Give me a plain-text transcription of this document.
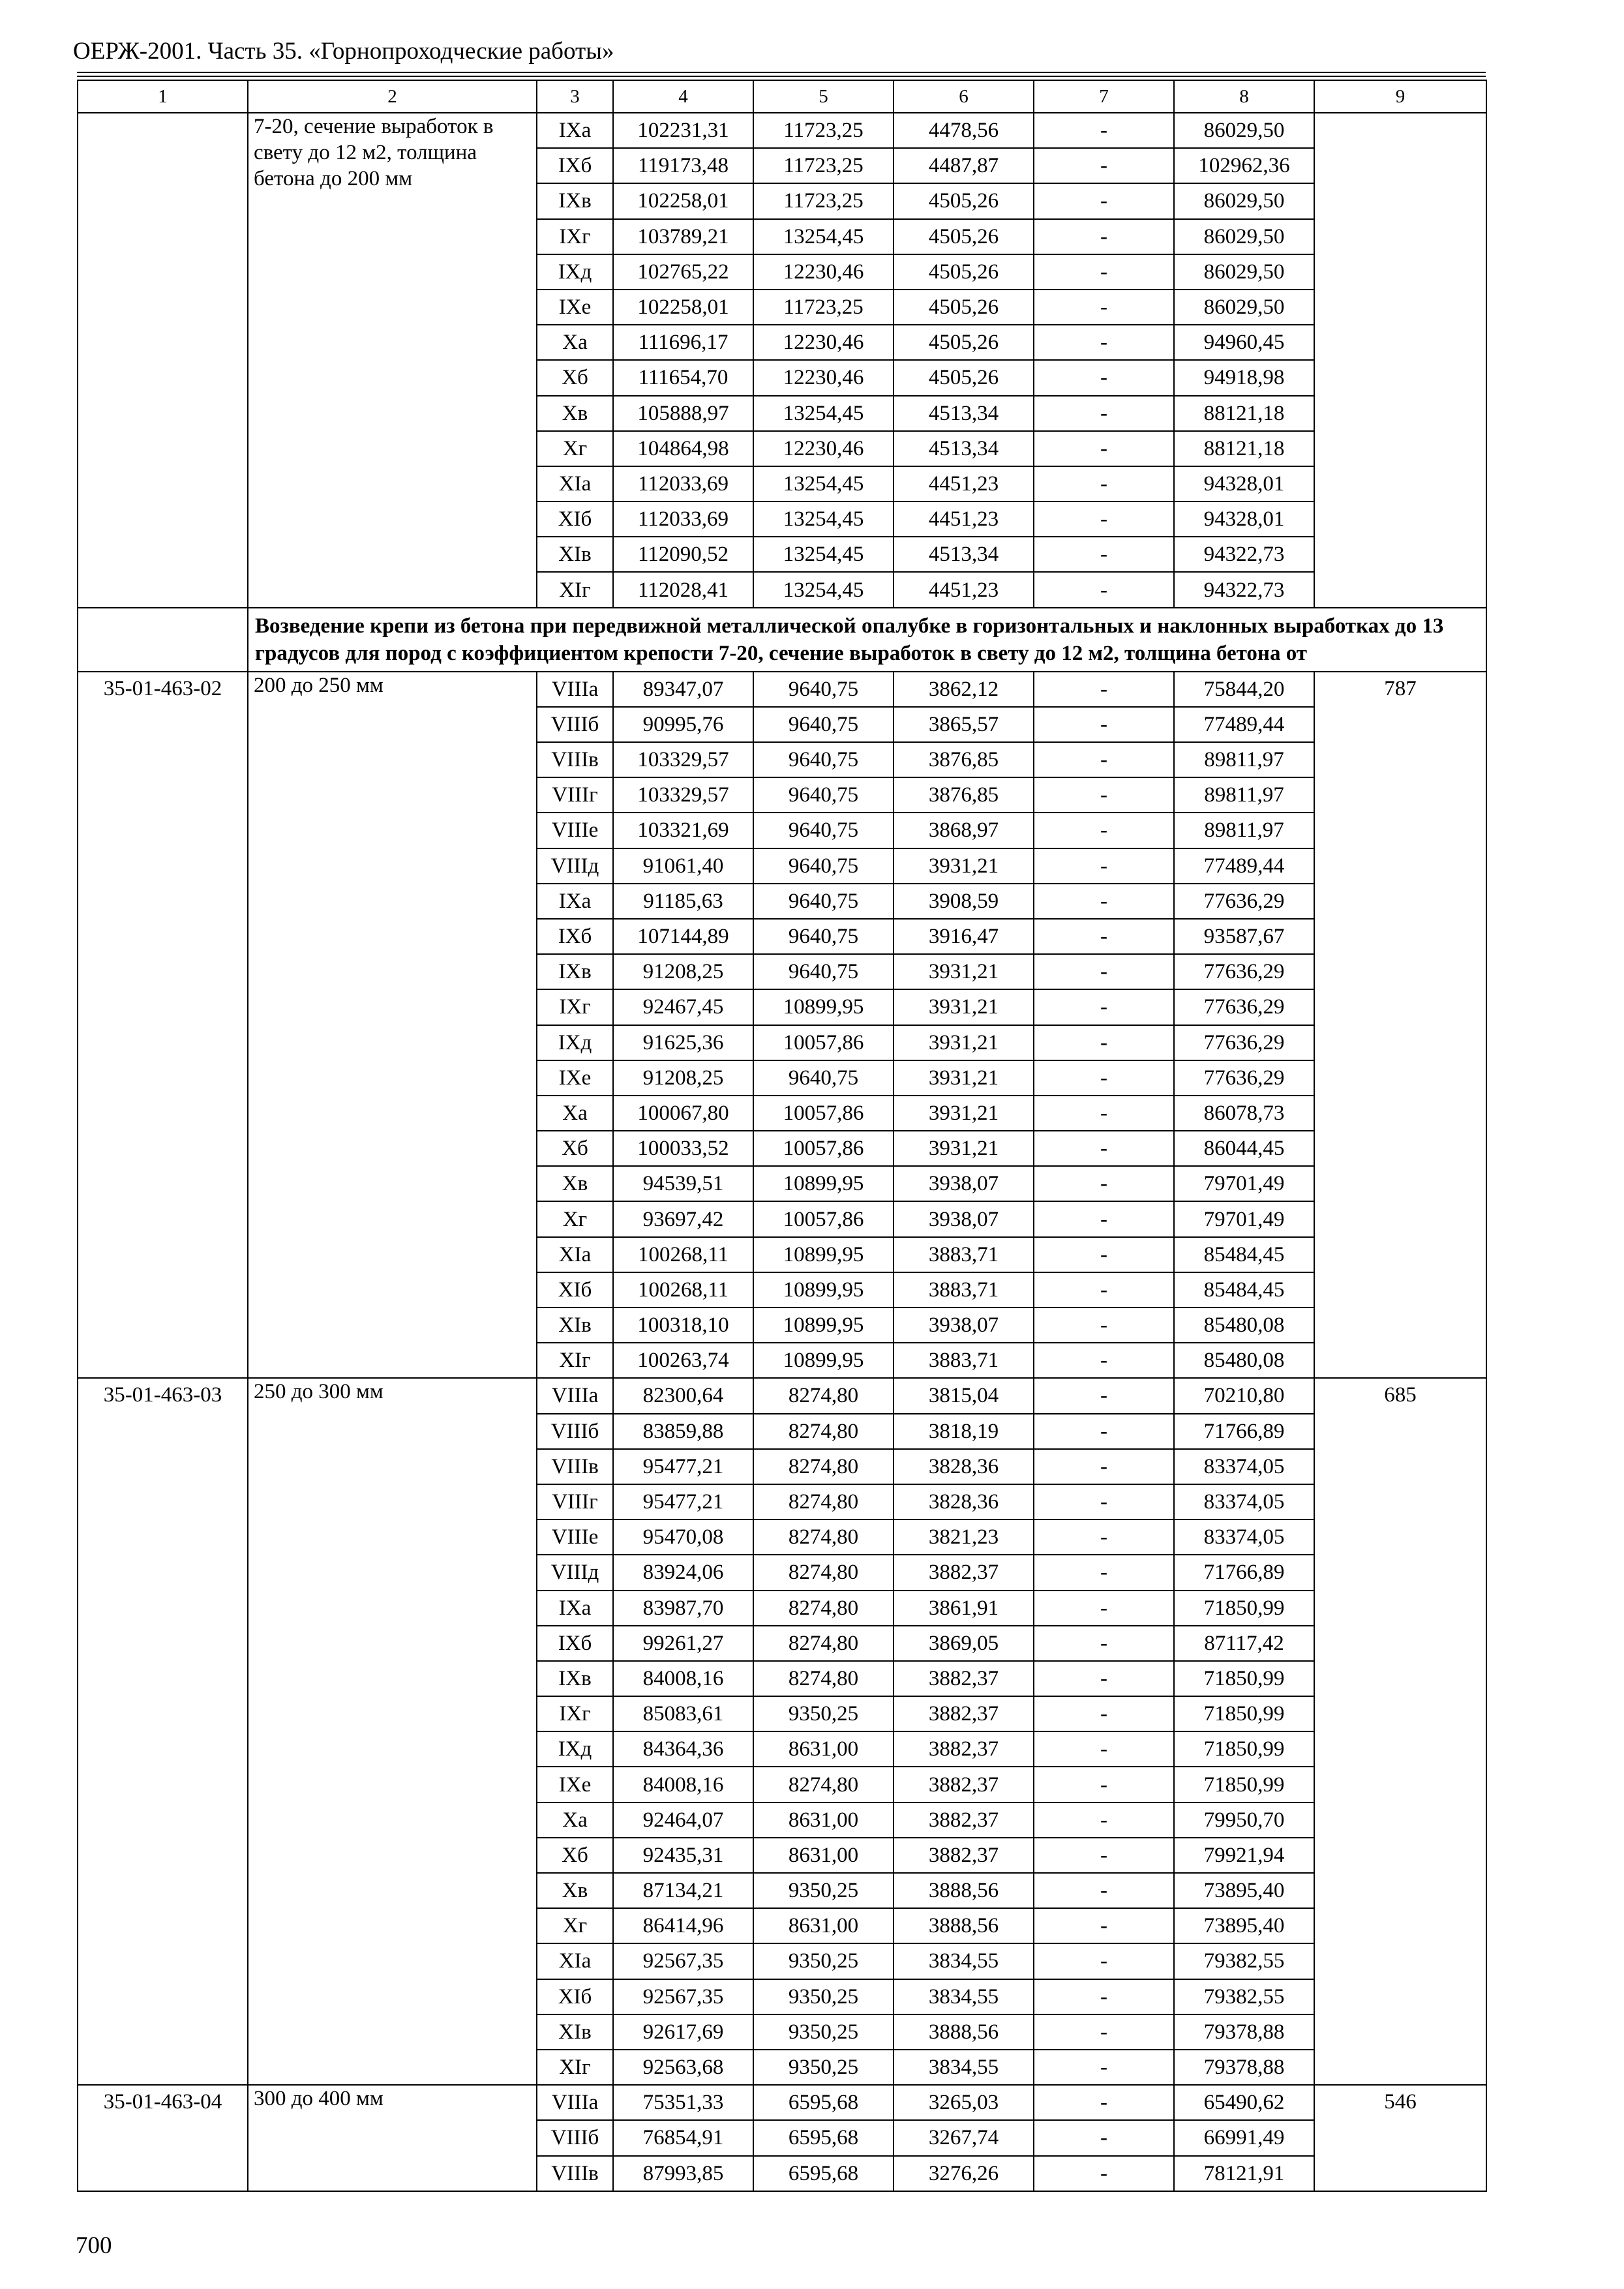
ОЕРЖ-2001. Часть 35. «Горнопроходческие работы»
1	2	3	4	5	6	7	8	9
	7-20, сечение выработок в свету до 12 м2, толщина бетона до 200 мм	IXа	102231,31	11723,25	4478,56	-	86029,50	
		IXб	119173,48	11723,25	4487,87	-	102962,36	
		IXв	102258,01	11723,25	4505,26	-	86029,50	
		IXг	103789,21	13254,45	4505,26	-	86029,50	
		IXд	102765,22	12230,46	4505,26	-	86029,50	
		IXе	102258,01	11723,25	4505,26	-	86029,50	
		Xа	111696,17	12230,46	4505,26	-	94960,45	
		Xб	111654,70	12230,46	4505,26	-	94918,98	
		Xв	105888,97	13254,45	4513,34	-	88121,18	
		Xг	104864,98	12230,46	4513,34	-	88121,18	
		XIа	112033,69	13254,45	4451,23	-	94328,01	
		XIб	112033,69	13254,45	4451,23	-	94328,01	
		XIв	112090,52	13254,45	4513,34	-	94322,73	
		XIг	112028,41	13254,45	4451,23	-	94322,73	
	Возведение крепи из бетона при передвижной металлической опалубке в горизонтальных и наклонных выработках до 13 градусов для пород с коэффициентом крепости 7-20, сечение выработок в свету до 12 м2, толщина бетона от							
35-01-463-02	200 до 250 мм	VIIIа	89347,07	9640,75	3862,12	-	75844,20	787
		VIIIб	90995,76	9640,75	3865,57	-	77489,44	
		VIIIв	103329,57	9640,75	3876,85	-	89811,97	
		VIIIг	103329,57	9640,75	3876,85	-	89811,97	
		VIIIе	103321,69	9640,75	3868,97	-	89811,97	
		VIIIд	91061,40	9640,75	3931,21	-	77489,44	
		IXа	91185,63	9640,75	3908,59	-	77636,29	
		IXб	107144,89	9640,75	3916,47	-	93587,67	
		IXв	91208,25	9640,75	3931,21	-	77636,29	
		IXг	92467,45	10899,95	3931,21	-	77636,29	
		IXд	91625,36	10057,86	3931,21	-	77636,29	
		IXе	91208,25	9640,75	3931,21	-	77636,29	
		Xа	100067,80	10057,86	3931,21	-	86078,73	
		Xб	100033,52	10057,86	3931,21	-	86044,45	
		Xв	94539,51	10899,95	3938,07	-	79701,49	
		Xг	93697,42	10057,86	3938,07	-	79701,49	
		XIа	100268,11	10899,95	3883,71	-	85484,45	
		XIб	100268,11	10899,95	3883,71	-	85484,45	
		XIв	100318,10	10899,95	3938,07	-	85480,08	
		XIг	100263,74	10899,95	3883,71	-	85480,08	
35-01-463-03	250 до 300 мм	VIIIа	82300,64	8274,80	3815,04	-	70210,80	685
		VIIIб	83859,88	8274,80	3818,19	-	71766,89	
		VIIIв	95477,21	8274,80	3828,36	-	83374,05	
		VIIIг	95477,21	8274,80	3828,36	-	83374,05	
		VIIIе	95470,08	8274,80	3821,23	-	83374,05	
		VIIIд	83924,06	8274,80	3882,37	-	71766,89	
		IXа	83987,70	8274,80	3861,91	-	71850,99	
		IXб	99261,27	8274,80	3869,05	-	87117,42	
		IXв	84008,16	8274,80	3882,37	-	71850,99	
		IXг	85083,61	9350,25	3882,37	-	71850,99	
		IXд	84364,36	8631,00	3882,37	-	71850,99	
		IXе	84008,16	8274,80	3882,37	-	71850,99	
		Xа	92464,07	8631,00	3882,37	-	79950,70	
		Xб	92435,31	8631,00	3882,37	-	79921,94	
		Xв	87134,21	9350,25	3888,56	-	73895,40	
		Xг	86414,96	8631,00	3888,56	-	73895,40	
		XIа	92567,35	9350,25	3834,55	-	79382,55	
		XIб	92567,35	9350,25	3834,55	-	79382,55	
		XIв	92617,69	9350,25	3888,56	-	79378,88	
		XIг	92563,68	9350,25	3834,55	-	79378,88	
35-01-463-04	300 до 400 мм	VIIIа	75351,33	6595,68	3265,03	-	65490,62	546
		VIIIб	76854,91	6595,68	3267,74	-	66991,49	
		VIIIв	87993,85	6595,68	3276,26	-	78121,91	
700
